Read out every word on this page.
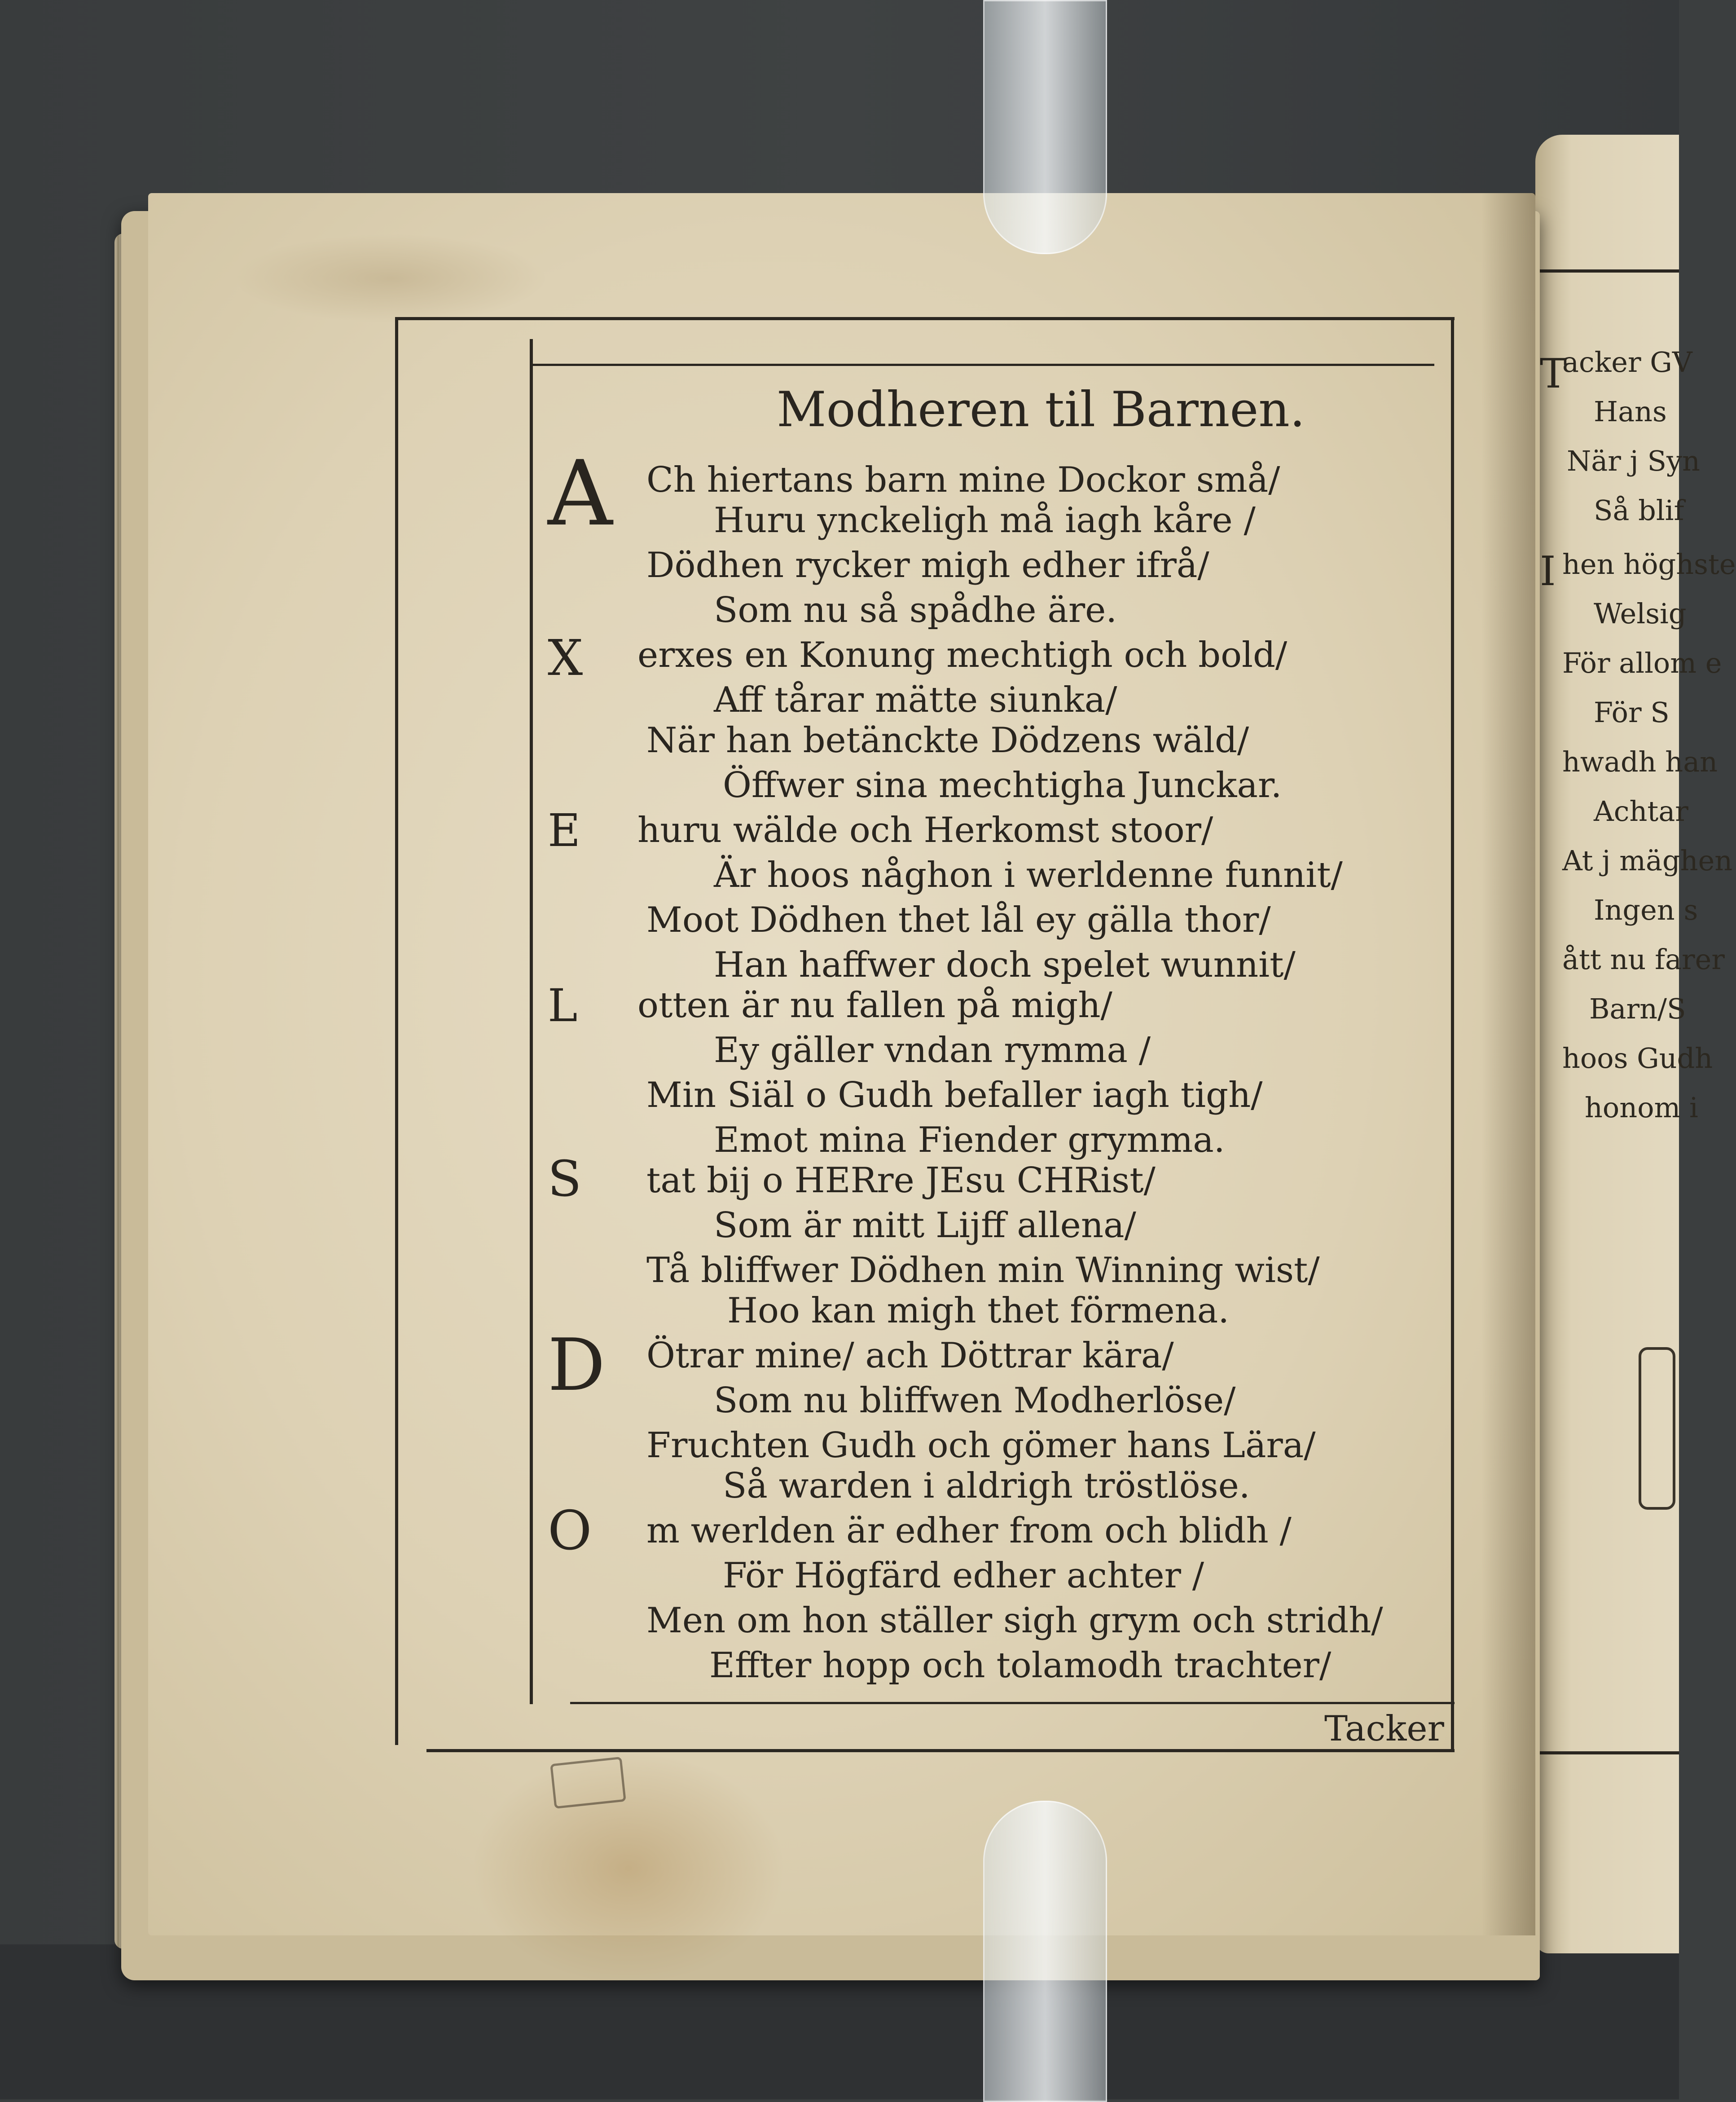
T
acker GV
Hans
När j Syn
Så blif
I hen höghste
Welsig
För allom e
För S
hwadh han
Achtar
At j mäghen
Ingen s
ått nu farer
Barn/S
hoos Gudh
honom i
Modheren til Barnen.
A Ch hiertans barn mine Dockor små/
Huru ynckeligh må iagh kåre /
Dödhen rycker migh edher ifrå/
Som nu så spådhe äre.
X erxes en Konung mechtigh och bold/
Aff tårar mätte siunka/
När han betänckte Dödzens wäld/
Öffwer sina mechtigha Junckar.
E huru wälde och Herkomst stoor/
Är hoos någhon i werldenne funnit/
Moot Dödhen thet lål ey gälla thor/
Han haffwer doch spelet wunnit/
L otten är nu fallen på migh/
Ey gäller vndan rymma /
Min Siäl o Gudh befaller iagh tigh/
Emot mina Fiender grymma.
S tat bij o HERre JEsu CHRist/
Som är mitt Lijff allena/
Tå bliffwer Dödhen min Winning wist/
Hoo kan migh thet förmena.
D Ötrar mine/ ach Döttrar kära/
Som nu bliffwen Modherlöse/
Fruchten Gudh och gömer hans Lära/
Så warden i aldrigh tröstlöse.
O m werlden är edher from och blidh /
För Högfärd edher achter /
Men om hon ställer sigh grym och stridh/
Effter hopp och tolamodh trachter/
Tacker
